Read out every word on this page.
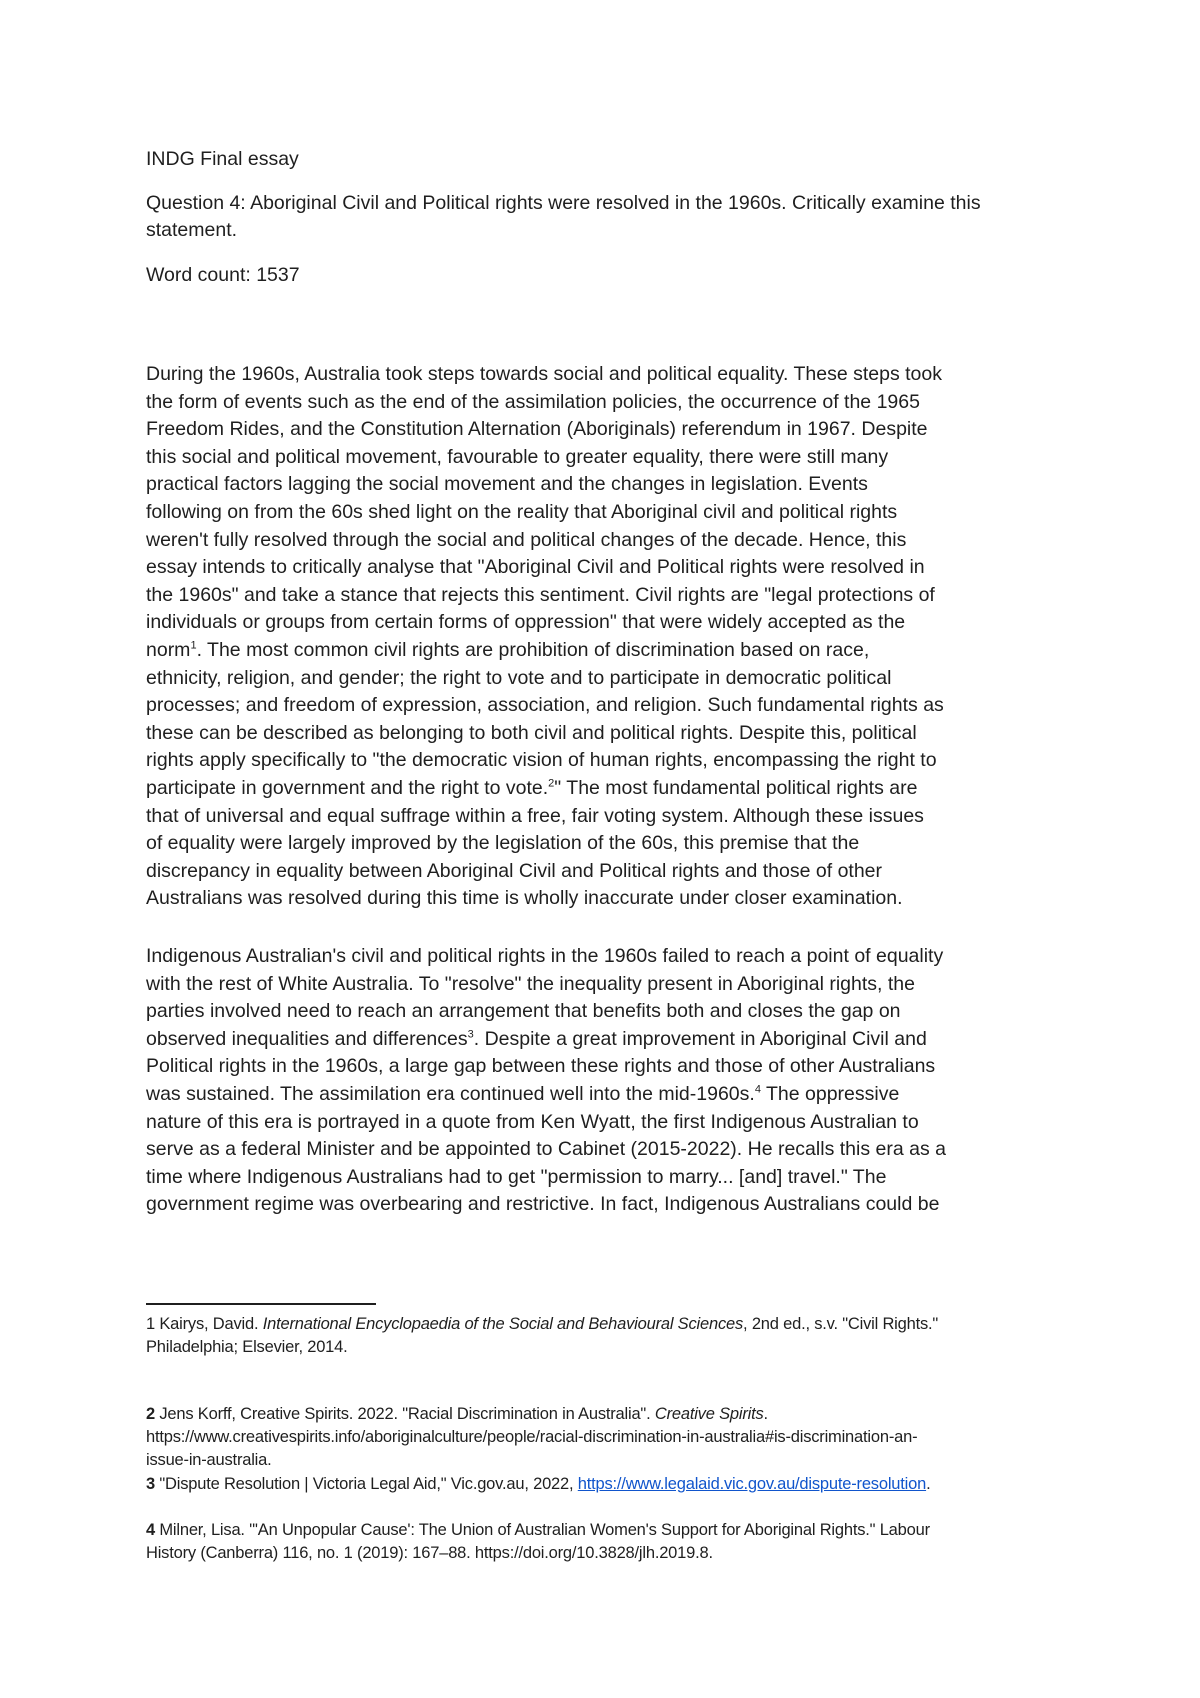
INDG Final essay

Question 4: Aboriginal Civil and Political rights were resolved in the 1960s. Critically examine this statement.

Word count: 1537

During the 1960s, Australia took steps towards social and political equality. These steps took
the form of events such as the end of the assimilation policies, the occurrence of the 1965
Freedom Rides, and the Constitution Alternation (Aboriginals) referendum in 1967. Despite
this social and political movement, favourable to greater equality, there were still many
practical factors lagging the social movement and the changes in legislation. Events
following on from the 60s shed light on the reality that Aboriginal civil and political rights
weren't fully resolved through the social and political changes of the decade. Hence, this
essay intends to critically analyse that "Aboriginal Civil and Political rights were resolved in
the 1960s" and take a stance that rejects this sentiment. Civil rights are "legal protections of
individuals or groups from certain forms of oppression" that were widely accepted as the
norm$^1$. The most common civil rights are prohibition of discrimination based on race,
ethnicity, religion, and gender; the right to vote and to participate in democratic political
processes; and freedom of expression, association, and religion. Such fundamental rights as
these can be described as belonging to both civil and political rights. Despite this, political
rights apply specifically to "the democratic vision of human rights, encompassing the right to
participate in government and the right to vote.$^2$" The most fundamental political rights are
that of universal and equal suffrage within a free, fair voting system. Although these issues
of equality were largely improved by the legislation of the 60s, this premise that the
discrepancy in equality between Aboriginal Civil and Political rights and those of other
Australians was resolved during this time is wholly inaccurate under closer examination.
Indigenous Australian's civil and political rights in the 1960s failed to reach a point of equality
with the rest of White Australia. To "resolve" the inequality present in Aboriginal rights, the
parties involved need to reach an arrangement that benefits both and closes the gap on
observed inequalities and differences$^3$. Despite a great improvement in Aboriginal Civil and
Political rights in the 1960s, a large gap between these rights and those of other Australians
was sustained. The assimilation era continued well into the mid-1960s.$^4$ The oppressive
nature of this era is portrayed in a quote from Ken Wyatt, the first Indigenous Australian to
serve as a federal Minister and be appointed to Cabinet (2015-2022). He recalls this era as a
time where Indigenous Australians had to get "permission to marry... [and] travel." The
government regime was overbearing and restrictive. In fact, Indigenous Australians could be
1 Kairys, David. International Encyclopaedia of the Social and Behavioural Sciences, 2nd ed., s.v. "Civil Rights."
Philadelphia; Elsevier, 2014.
2 Jens Korff, Creative Spirits. 2022. "Racial Discrimination in Australia". Creative Spirits.
https://www.creativespirits.info/aboriginalculture/people/racial-discrimination-in-australia#is-discrimination-an-
issue-in-australia.
3 "Dispute Resolution | Victoria Legal Aid," Vic.gov.au, 2022, https://www.legalaid.vic.gov.au/dispute-resolution.
4 Milner, Lisa. "'An Unpopular Cause': The Union of Australian Women's Support for Aboriginal Rights." Labour
History (Canberra) 116, no. 1 (2019): 167–88. https://doi.org/10.3828/jlh.2019.8.
